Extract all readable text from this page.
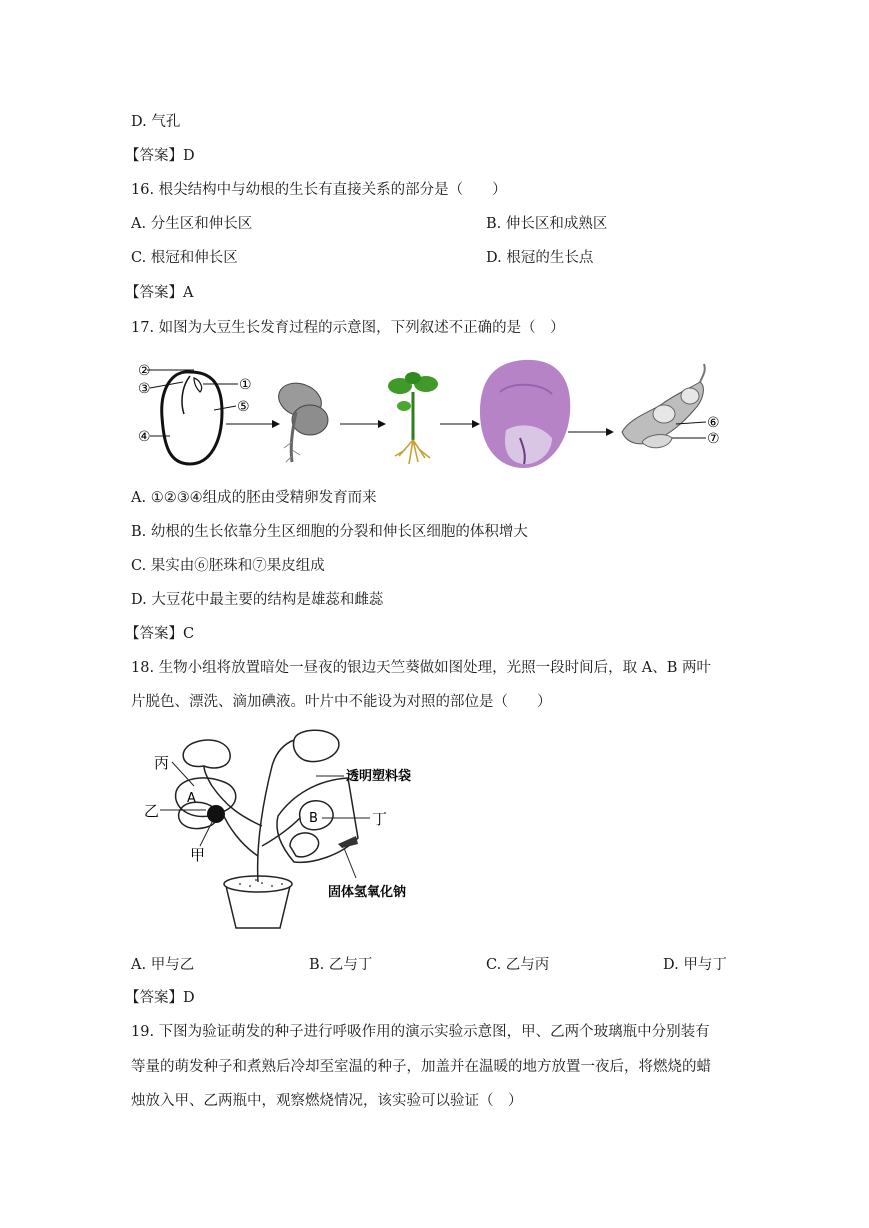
D. 气孔
【答案】D
16. 根尖结构中与幼根的生长有直接关系的部分是（　　）
A. 分生区和伸长区	B. 伸长区和成熟区
C. 根冠和伸长区	D. 根冠的生长点
【答案】A
17. 如图为大豆生长发育过程的示意图，下列叙述不正确的是（　）
②
③	①
⑤
④
⑥
⑦
A. ①②③④组成的胚由受精卵发育而来
B. 幼根的生长依靠分生区细胞的分裂和伸长区细胞的体积增大
C. 果实由⑥胚珠和⑦果皮组成
D. 大豆花中最主要的结构是雄蕊和雌蕊
【答案】C
18. 生物小组将放置暗处一昼夜的银边天竺葵做如图处理，光照一段时间后，取 A、B 两叶
片脱色、漂洗、滴加碘液。叶片中不能设为对照的部位是（　　）
丙
乙
甲
A
B	丁
透明塑料袋
固体氢氧化钠
A. 甲与乙	B. 乙与丁	C. 乙与丙	D. 甲与丁
【答案】D
19. 下图为验证萌发的种子进行呼吸作用的演示实验示意图，甲、乙两个玻璃瓶中分别装有
等量的萌发种子和煮熟后冷却至室温的种子，加盖并在温暖的地方放置一夜后，将燃烧的蜡
烛放入甲、乙两瓶中，观察燃烧情况，该实验可以验证（　）
